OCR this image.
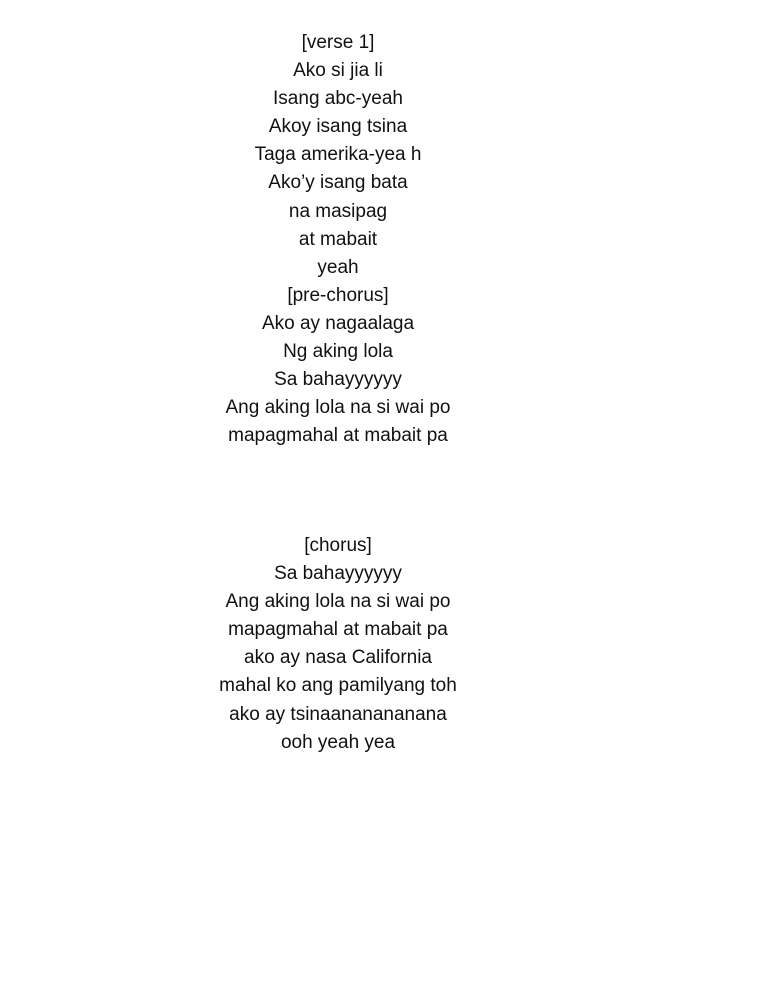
[verse 1]
Ako si jia li
Isang abc-yeah
Akoy isang tsina
Taga amerika-yea h
Ako’y isang bata
na masipag
at mabait
yeah
[pre-chorus]
Ako ay nagaalaga
Ng aking lola
Sa bahayyyyyy
Ang aking lola na si wai po
mapagmahal at mabait pa
[chorus]
Sa bahayyyyyy
Ang aking lola na si wai po
mapagmahal at mabait pa
ako ay nasa California
mahal ko ang pamilyang toh
ako ay tsinaananananana
ooh yeah yea
